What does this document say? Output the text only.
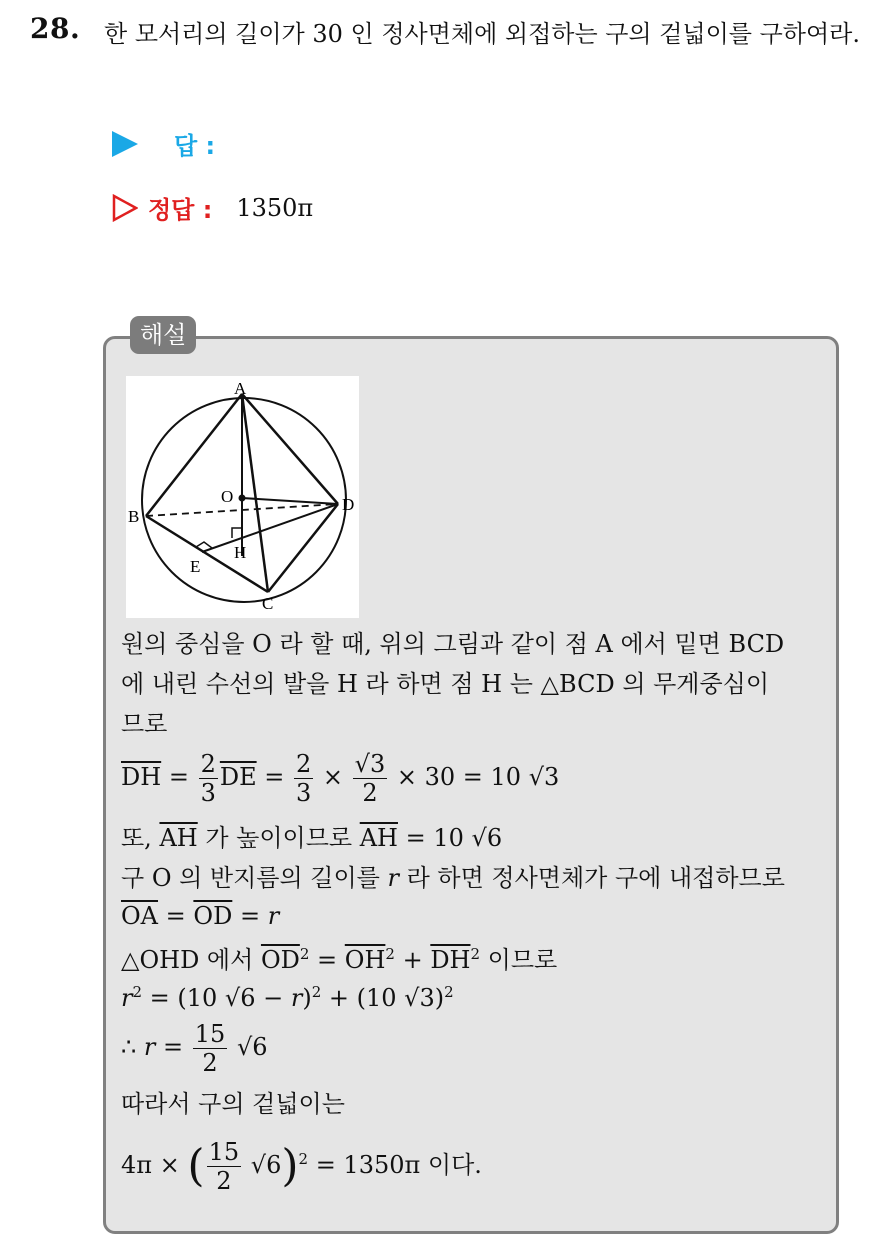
28. 한 모서리의 길이가 30 인 정사면체에 외접하는 구의 겉넓이를 구하여라.
답 :
정답 : 1350π
해설
A
B
C
D
O
H
E
원의 중심을 O 라 할 때, 위의 그림과 같이 점 A 에서 밑면 BCD
에 내린 수선의 발을 H 라 하면 점 H 는 △BCD 의 무게중심이
므로
$\overline{DH} = \frac{2}{3} \overline{DE} = \frac{2}{3} \times \frac{√3}{2} \times 30 = 10$ √3
또, $\overline{AH}$ 가 높이이므로 $\overline{AH} = 10$ √6
구 O 의 반지름의 길이를 r 라 하면 정사면체가 구에 내접하므로
$\overline{OA} = \overline{OD} = r$
△OHD 에서 $\overline{OD}^2 = \overline{OH}^2 + \overline{DH}^2$ 이므로
$r^2 = (10$ √6 − r)$^2$ + (10 √3)$^2$
∴ $r = \frac{15}{2} √6$
따라서 구의 겉넓이는
4π × ( $\frac{15}{2} √6)^2 = 1350\pi$ 이다.
